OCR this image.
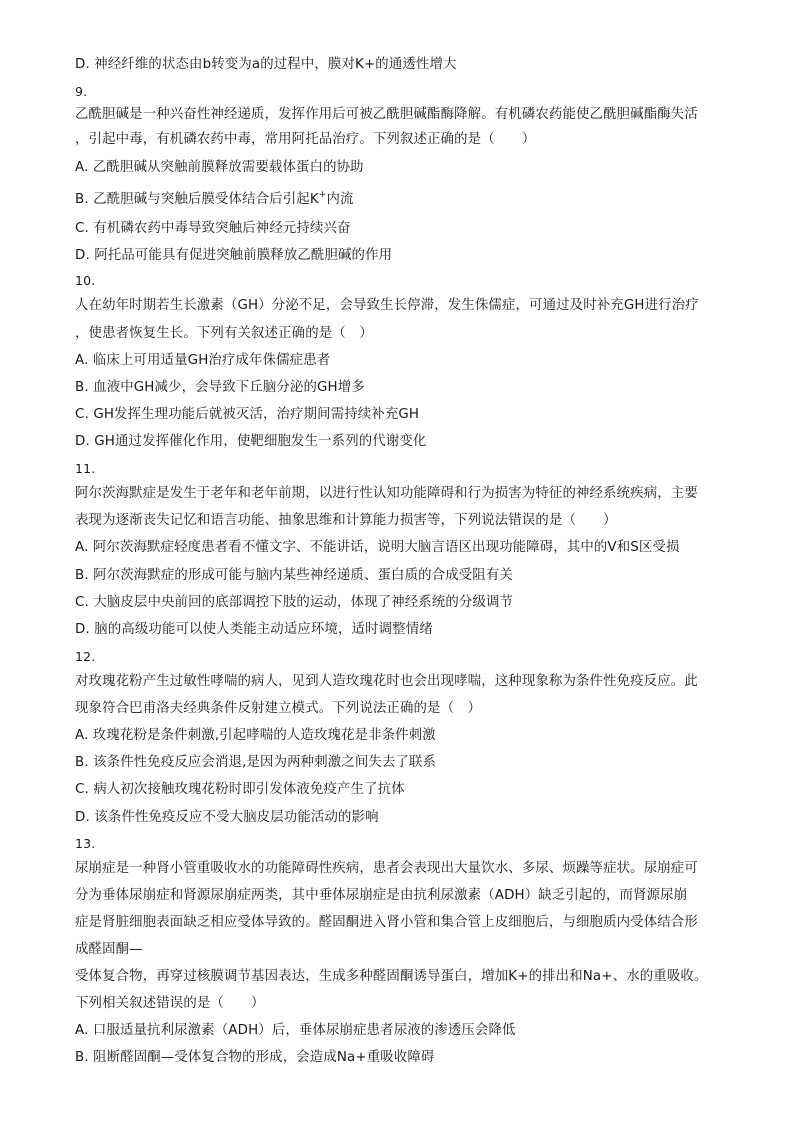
D. 神经纤维的状态由b转变为a的过程中，膜对K+的通透性增大
9.
乙酰胆碱是一种兴奋性神经递质，发挥作用后可被乙酰胆碱酯酶降解。有机磷农药能使乙酰胆碱酯酶失活
，引起中毒，有机磷农药中毒，常用阿托品治疗。下列叙述正确的是（　　）
A. 乙酰胆碱从突触前膜释放需要载体蛋白的协助
B. 乙酰胆碱与突触后膜受体结合后引起K+内流
C. 有机磷农药中毒导致突触后神经元持续兴奋
D. 阿托品可能具有促进突触前膜释放乙酰胆碱的作用
10.
人在幼年时期若生长激素（GH）分泌不足，会导致生长停滞，发生侏儒症，可通过及时补充GH进行治疗
，使患者恢复生长。下列有关叙述正确的是（　）
A. 临床上可用适量GH治疗成年侏儒症患者
B. 血液中GH减少，会导致下丘脑分泌的GH增多
C. GH发挥生理功能后就被灭活，治疗期间需持续补充GH
D. GH通过发挥催化作用，使靶细胞发生一系列的代谢变化
11.
阿尔茨海默症是发生于老年和老年前期，以进行性认知功能障碍和行为损害为特征的神经系统疾病，主要
表现为逐渐丧失记忆和语言功能、抽象思维和计算能力损害等，下列说法错误的是（　　）
A. 阿尔茨海默症轻度患者看不懂文字、不能讲话，说明大脑言语区出现功能障碍，其中的V和S区受损
B. 阿尔茨海默症的形成可能与脑内某些神经递质、蛋白质的合成受阻有关
C. 大脑皮层中央前回的底部调控下肢的运动，体现了神经系统的分级调节
D. 脑的高级功能可以使人类能主动适应环境，适时调整情绪
12.
对玫瑰花粉产生过敏性哮喘的病人，见到人造玫瑰花时也会出现哮喘，这种现象称为条件性免疫反应。此
现象符合巴甫洛夫经典条件反射建立模式。下列说法正确的是（　）
A. 玫瑰花粉是条件刺激,引起哮喘的人造玫瑰花是非条件刺激
B. 该条件性免疫反应会消退,是因为两种刺激之间失去了联系
C. 病人初次接触玫瑰花粉时即引发体液免疫产生了抗体
D. 该条件性免疫反应不受大脑皮层功能活动的影响
13.
尿崩症是一种肾小管重吸收水的功能障碍性疾病，患者会表现出大量饮水、多尿、烦躁等症状。尿崩症可
分为垂体尿崩症和肾源尿崩症两类，其中垂体尿崩症是由抗利尿激素（ADH）缺乏引起的，而肾源尿崩
症是肾脏细胞表面缺乏相应受体导致的。醛固酮进入肾小管和集合管上皮细胞后，与细胞质内受体结合形
成醛固酮—
受体复合物，再穿过核膜调节基因表达，生成多种醛固酮诱导蛋白，增加K+的排出和Na+、水的重吸收。
下列相关叙述错误的是（　　）
A. 口服适量抗利尿激素（ADH）后，垂体尿崩症患者尿液的渗透压会降低
B. 阻断醛固酮—受体复合物的形成，会造成Na+重吸收障碍
